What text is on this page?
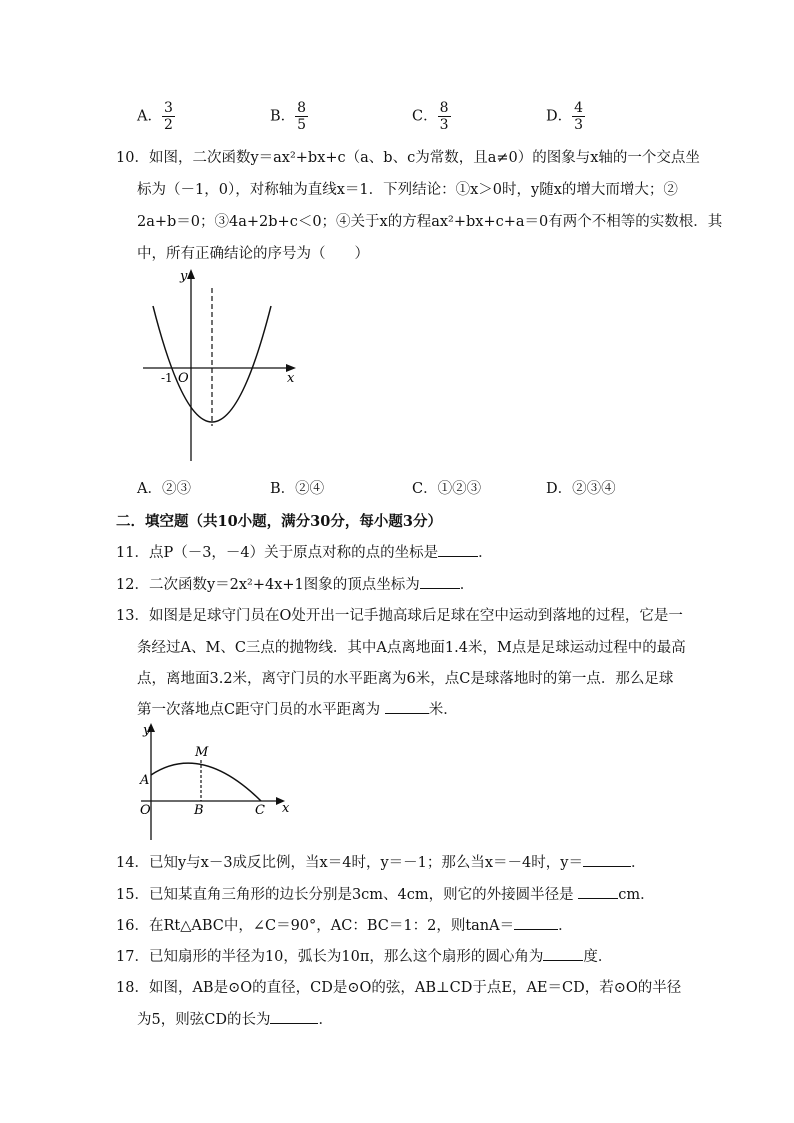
A． $\frac{3}{2}$	B． $\frac{8}{5}$	C． $\frac{8}{3}$	D． $\frac{4}{3}$
10．如图，二次函数y＝ax²+bx+c（a、b、c为常数，且a≠0）的图象与x轴的一个交点坐
标为（－1，0），对称轴为直线x＝1．下列结论：①x＞0时，y随x的增大而增大；②
2a+b＝0；③4a+2b+c＜0；④关于x的方程ax²+bx+c+a＝0有两个不相等的实数根．其
中，所有正确结论的序号为（　　）
y
x
-1 O
A．②③	B．②④	C．①②③	D．②③④
二．填空题（共10小题，满分30分，每小题3分）
11．点P（－3，－4）关于原点对称的点的坐标是	．
12．二次函数y＝2x²+4x+1图象的顶点坐标为	．
13．如图是足球守门员在O处开出一记手抛高球后足球在空中运动到落地的过程，它是一
条经过A、M、C三点的抛物线．其中A点离地面1.4米，M点是足球运动过程中的最高
点，离地面3.2米，离守门员的水平距离为6米，点C是球落地时的第一点．那么足球
第一次落地点C距守门员的水平距离为	米．
y
x
M
A
O	B	C
14．已知y与x－3成反比例，当x＝4时，y＝－1；那么当x＝－4时，y＝	．
15．已知某直角三角形的边长分别是3cm、4cm，则它的外接圆半径是	cm．
16．在Rt△ABC中，∠C＝90°，AC：BC＝1：2，则tanA＝	．
17．已知扇形的半径为10，弧长为10π，那么这个扇形的圆心角为	度．
18．如图，AB是⊙O的直径，CD是⊙O的弦，AB⊥CD于点E，AE＝CD，若⊙O的半径
为5，则弦CD的长为	．
